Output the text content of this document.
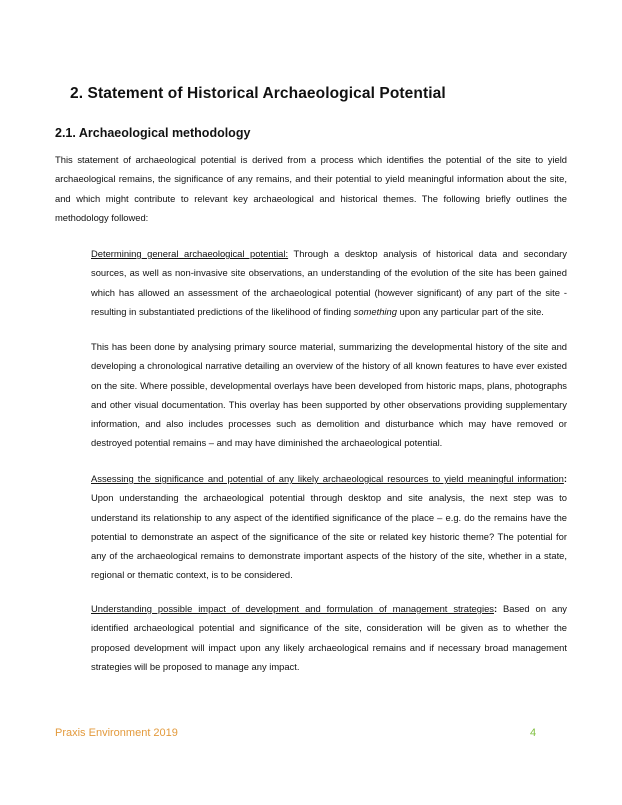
2. Statement of Historical Archaeological Potential
2.1. Archaeological methodology

This statement of archaeological potential is derived from a process which identifies the potential of the site to yield archaeological remains, the significance of any remains, and their potential to yield meaningful information about the site, and which might contribute to relevant key archaeological and historical themes. The following briefly outlines the methodology followed:

Determining general archaeological potential: Through a desktop analysis of historical data and secondary sources, as well as non-invasive site observations, an understanding of the evolution of the site has been gained which has allowed an assessment of the archaeological potential (however significant) of any part of the site - resulting in substantiated predictions of the likelihood of finding something upon any particular part of the site.

This has been done by analysing primary source material, summarizing the developmental history of the site and developing a chronological narrative detailing an overview of the history of all known features to have ever existed on the site. Where possible, developmental overlays have been developed from historic maps, plans, photographs and other visual documentation. This overlay has been supported by other observations providing supplementary information, and also includes processes such as demolition and disturbance which may have removed or destroyed potential remains – and may have diminished the archaeological potential.

Assessing the significance and potential of any likely archaeological resources to yield meaningful information: Upon understanding the archaeological potential through desktop and site analysis, the next step was to understand its relationship to any aspect of the identified significance of the place – e.g. do the remains have the potential to demonstrate an aspect of the significance of the site or related key historic theme? The potential for any of the archaeological remains to demonstrate important aspects of the history of the site, whether in a state, regional or thematic context, is to be considered.

Understanding possible impact of development and formulation of management strategies: Based on any identified archaeological potential and significance of the site, consideration will be given as to whether the proposed development will impact upon any likely archaeological remains and if necessary broad management strategies will be proposed to manage any impact.

Praxis Environment 2019	4
